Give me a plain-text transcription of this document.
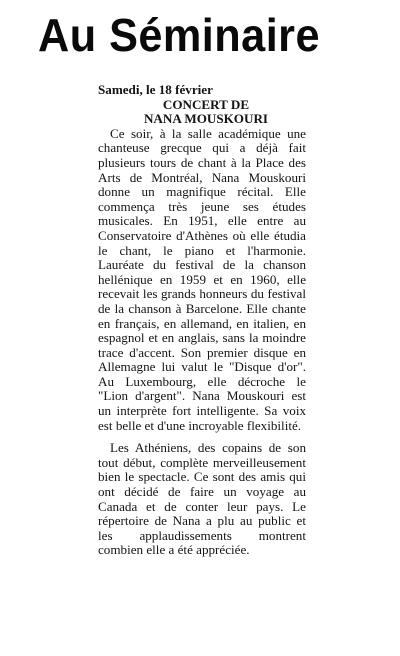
Au Séminaire

Samedi, le 18 février

CONCERT DE

NANA MOUSKOURI

Ce soir, à la salle académique une chanteuse grecque qui a déjà fait plusieurs tours de chant à la Place des Arts de Montréal, Nana Mouskouri donne un magnifique récital. Elle commença très jeune ses études musicales. En 1951, elle entre au Conservatoire d'Athènes où elle étudia le chant, le piano et l'harmonie. Lauréate du festival de la chanson hellénique en 1959 et en 1960, elle recevait les grands honneurs du festival de la chanson à Barcelone. Elle chante en français, en allemand, en italien, en espagnol et en anglais, sans la moindre trace d'accent. Son premier disque en Allemagne lui valut le "Disque d'or". Au Luxembourg, elle décroche le "Lion d'argent". Nana Mouskouri est un interprète fort intelligente. Sa voix est belle et d'une incroyable flexibilité.

Les Athéniens, des copains de son tout début, complète merveilleusement bien le spectacle. Ce sont des amis qui ont décidé de faire un voyage au Canada et de conter leur pays. Le répertoire de Nana a plu au public et les applaudissements montrent combien elle a été appréciée.
